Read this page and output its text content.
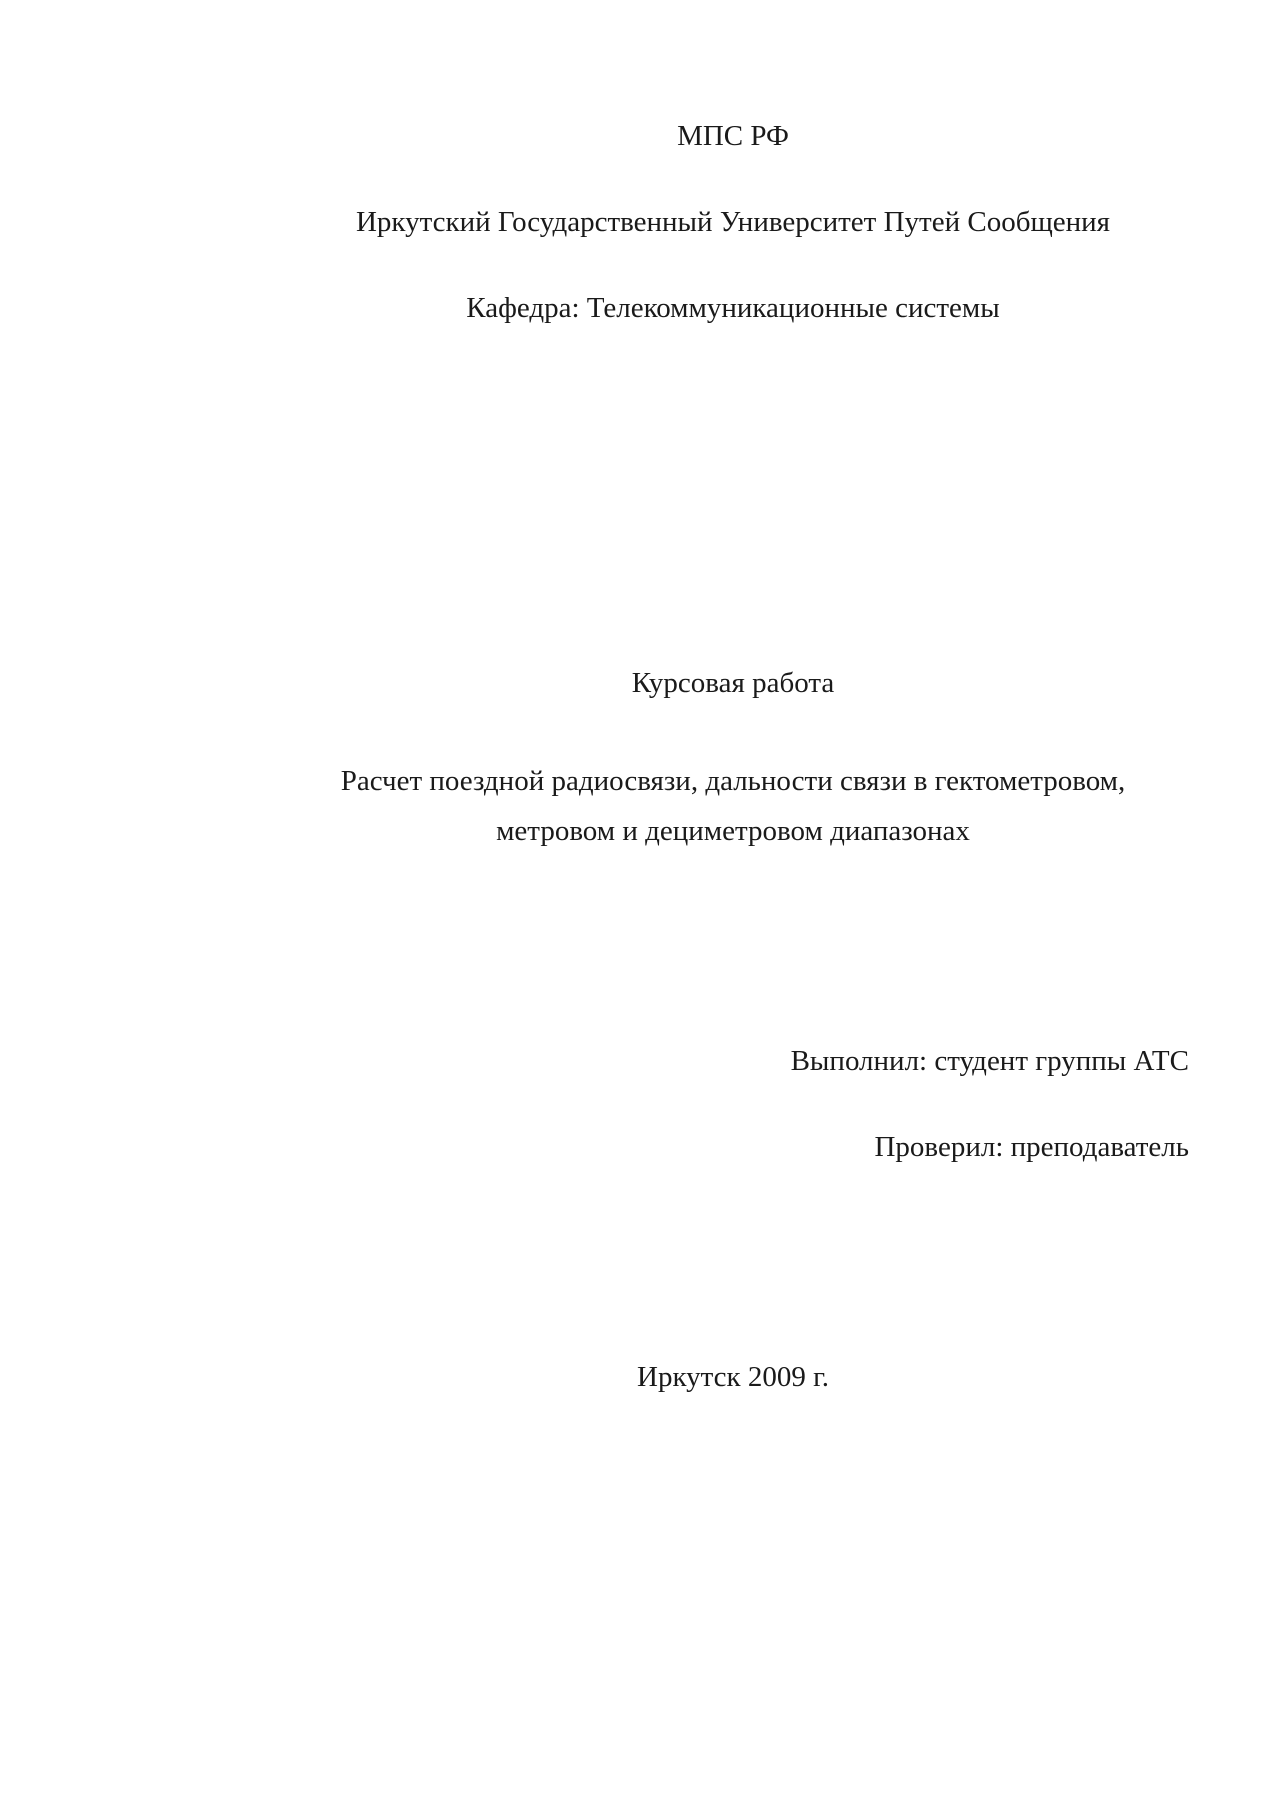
МПС РФ
Иркутский Государственный Университет Путей Сообщения
Кафедра: Телекоммуникационные системы
Курсовая работа
Расчет поездной радиосвязи, дальности связи в гектометровом,
метровом и дециметровом диапазонах
Выполнил: студент группы АТС
Проверил: преподаватель
Иркутск 2009 г.
